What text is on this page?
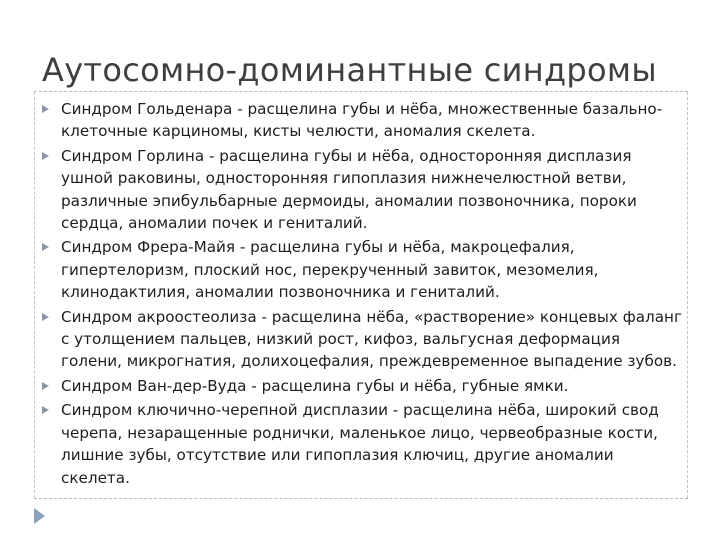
Аутосомно-доминантные синдромы
Синдром Гольденара - расщелина губы и нёба, множественные базально-клеточные карциномы, кисты челюсти, аномалия скелета.
Синдром Горлина - расщелина губы и нёба, односторонняя дисплазия ушной раковины, односторонняя гипоплазия нижнечелюстной ветви, различные эпибульбарные дермоиды, аномалии позвоночника, пороки сердца, аномалии почек и гениталий.
Синдром Фрера-Майя - расщелина губы и нёба, макроцефалия, гипертелоризм, плоский нос, перекрученный завиток, мезомелия, клинодактилия, аномалии позвоночника и гениталий.
Синдром акроостеолиза - расщелина нёба, «растворение» концевых фаланг с утолщением пальцев, низкий рост, кифоз, вальгусная деформация голени, микрогнатия, долихоцефалия, преждевременное выпадение зубов.
Синдром Ван-дер-Вуда - расщелина губы и нёба, губные ямки.
Синдром ключично-черепной дисплазии - расщелина нёба, широкий свод черепа, незаращенные роднички, маленькое лицо, червеобразные кости, лишние зубы, отсутствие или гипоплазия ключиц, другие аномалии скелета.
